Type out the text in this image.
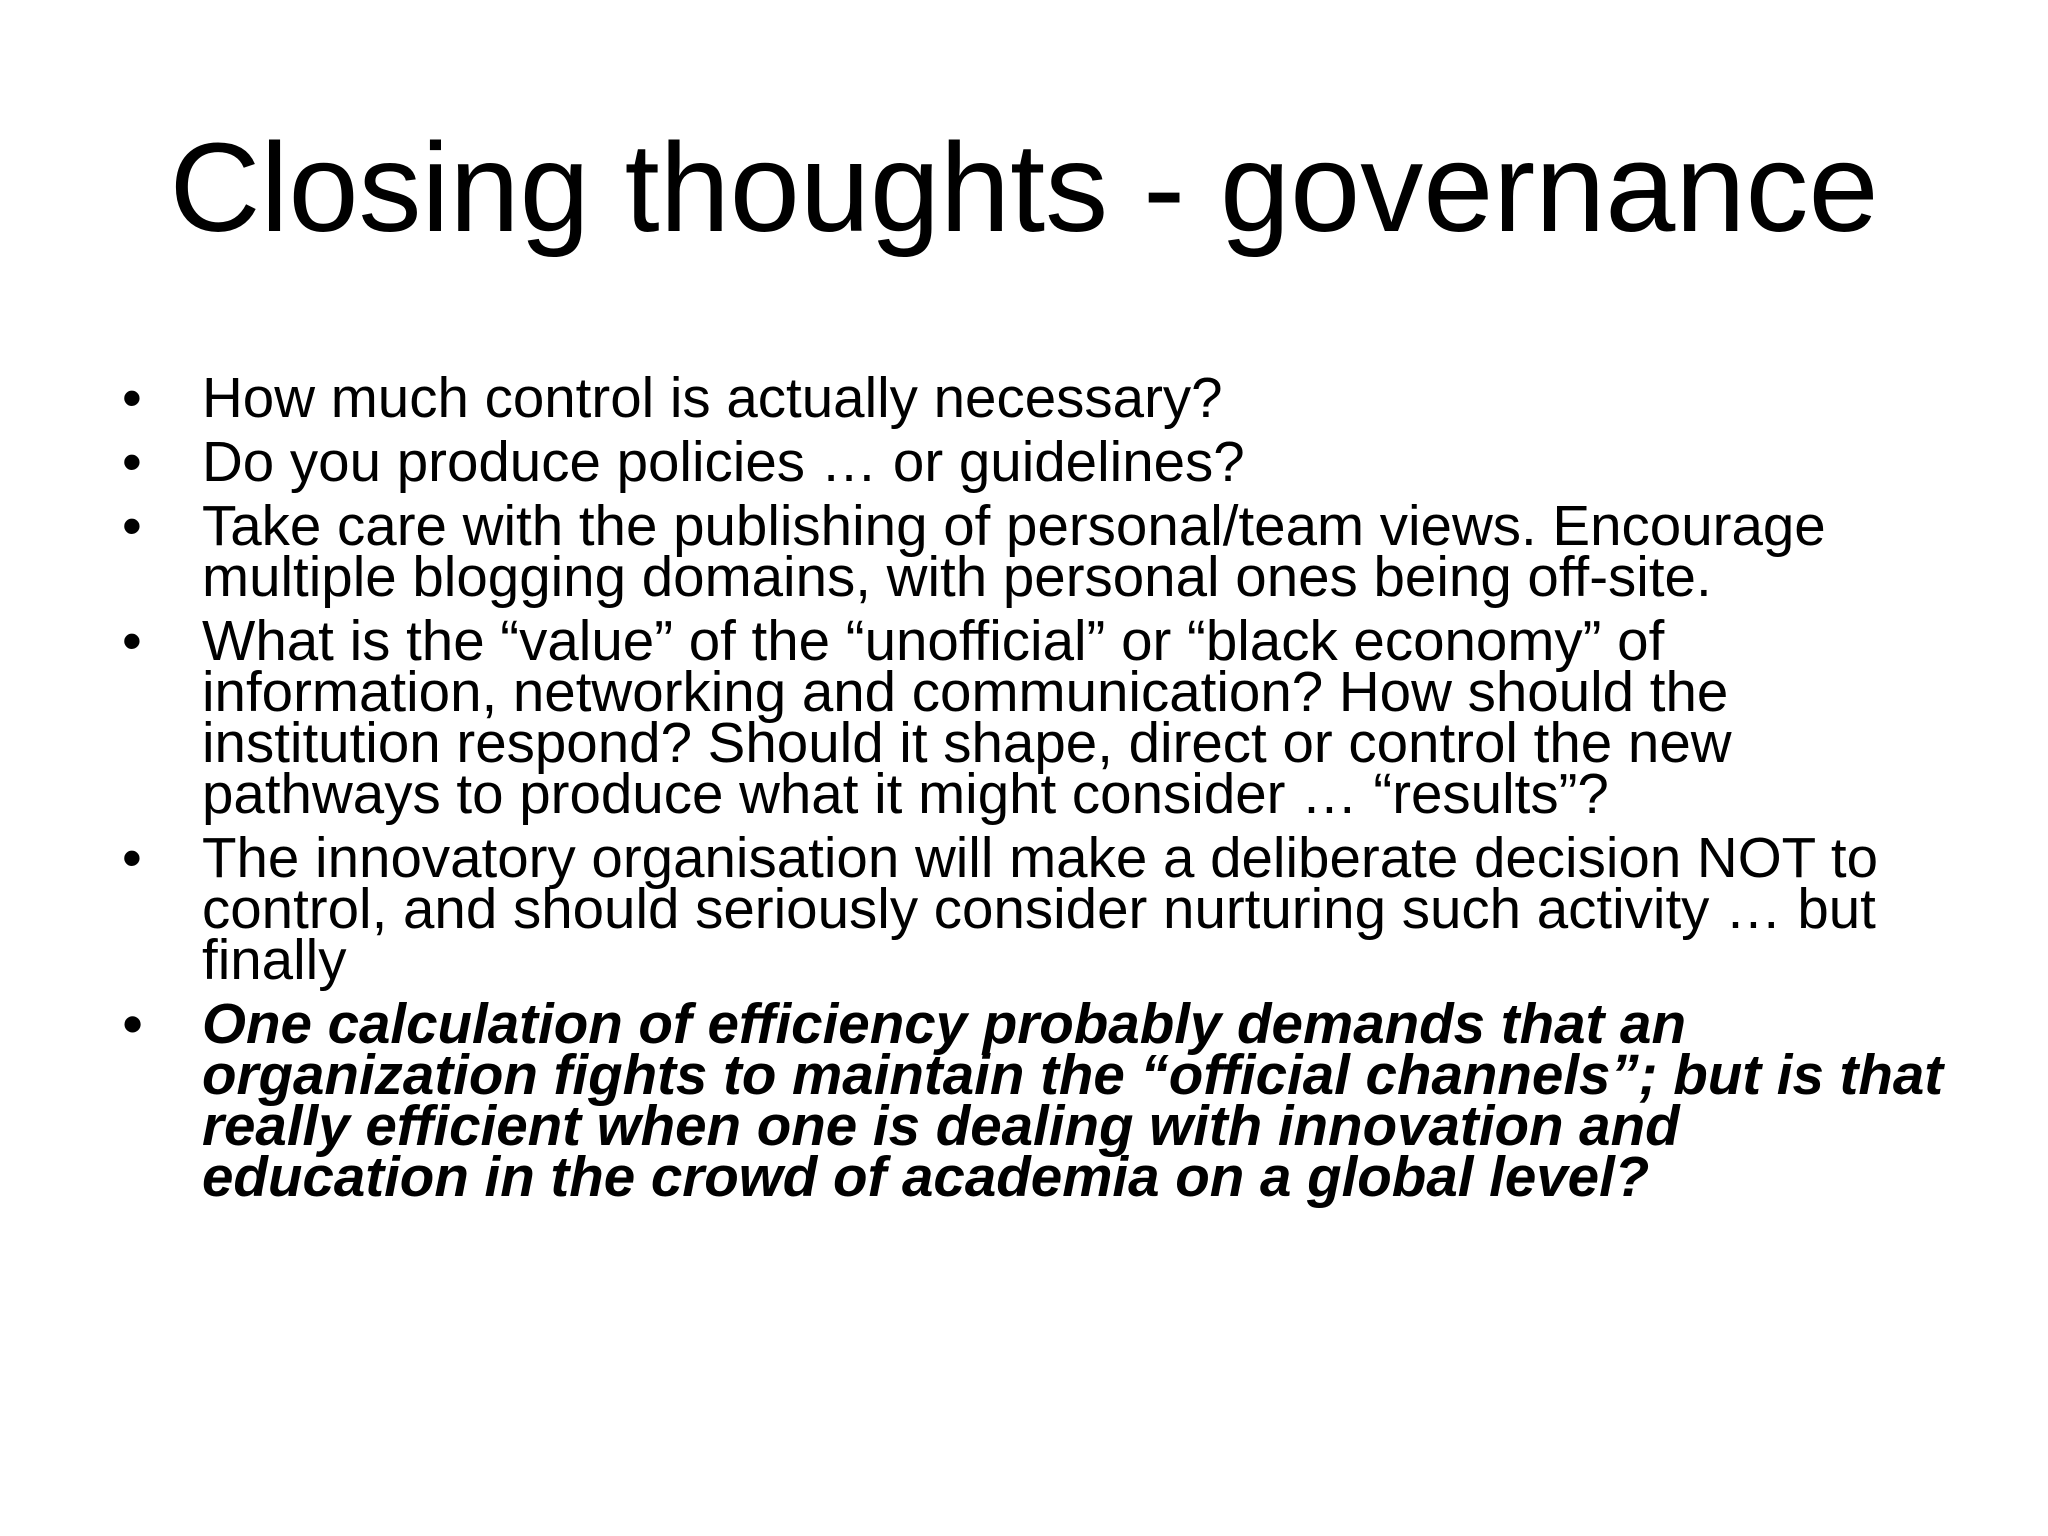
Closing thoughts - governance
•	How much control is actually necessary?
•	Do you produce policies … or guidelines?
•	Take care with the publishing of personal/team views. Encourage multiple blogging domains, with personal ones being off-site.
•	What is the “value” of the “unofficial” or “black economy” of information, networking and communication? How should the institution respond? Should it shape, direct or control the new pathways to produce what it might consider … “results”?
•	The innovatory organisation will make a deliberate decision NOT to control, and should seriously consider nurturing such activity … but finally
•	One calculation of efficiency probably demands that an organization fights to maintain the “official channels”; but is that really efficient when one is dealing with innovation and education in the crowd of academia on a global level?
